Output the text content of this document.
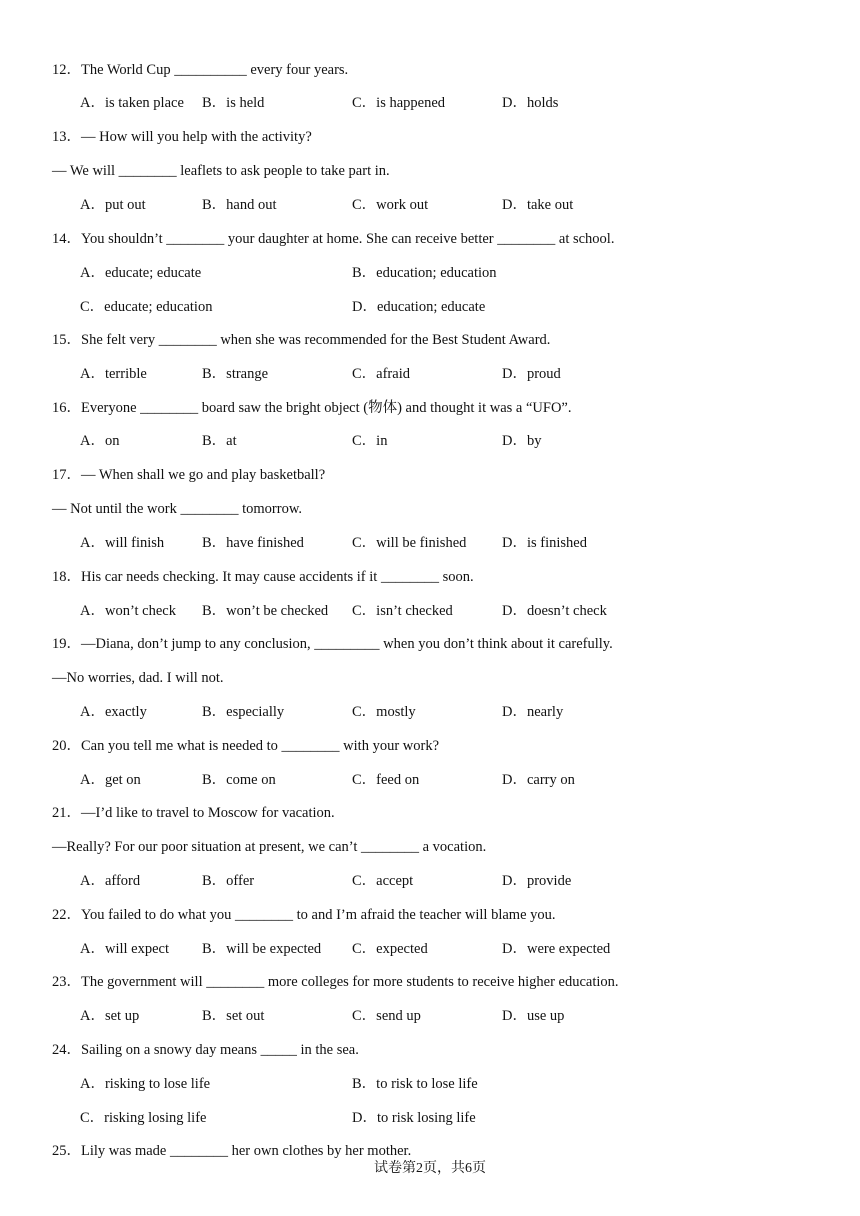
12．The World Cup __________ every four years.
A．is taken place B．is held	C．is happened	D．holds
13．— How will you help with the activity?
— We will ________ leaflets to ask people to take part in.
A．put out	B．hand out	C．work out	D．take out
14．You shouldn’t ________ your daughter at home. She can receive better ________ at school.
A．educate; educate	B．education; education
C．educate; education	D．education; educate
15．She felt very ________ when she was recommended for the Best Student Award.
A．terrible	B．strange	C．afraid	D．proud
16．Everyone ________ board saw the bright object (物体) and thought it was a “UFO”.
A．on	B．at	C．in	D．by
17．— When shall we go and play basketball?
— Not until the work ________ tomorrow.
A．will finish	B．have finished	C．will be finished D．is finished
18．His car needs checking. It may cause accidents if it ________ soon.
A．won’t check B．won’t be checked C．isn’t checked	D．doesn’t check
19．—Diana, don’t jump to any conclusion, _________ when you don’t think about it carefully.
—No worries, dad. I will not.
A．exactly	B．especially	C．mostly	D．nearly
20．Can you tell me what is needed to ________ with your work?
A．get on	B．come on	C．feed on	D．carry on
21．—I’d like to travel to Moscow for vacation.
—Really? For our poor situation at present, we can’t ________ a vocation.
A．afford	B．offer	C．accept	D．provide
22．You failed to do what you ________ to and I’m afraid the teacher will blame you.
A．will expect B．will be expected C．expected	D．were expected
23．The government will ________ more colleges for more students to receive higher education.
A．set up	B．set out	C．send up	D．use up
24．Sailing on a snowy day means _____ in the sea.
A．risking to lose life	B．to risk to lose life
C．risking losing life	D．to risk losing life
25．Lily was made ________ her own clothes by her mother.
试卷第2页，共6页
